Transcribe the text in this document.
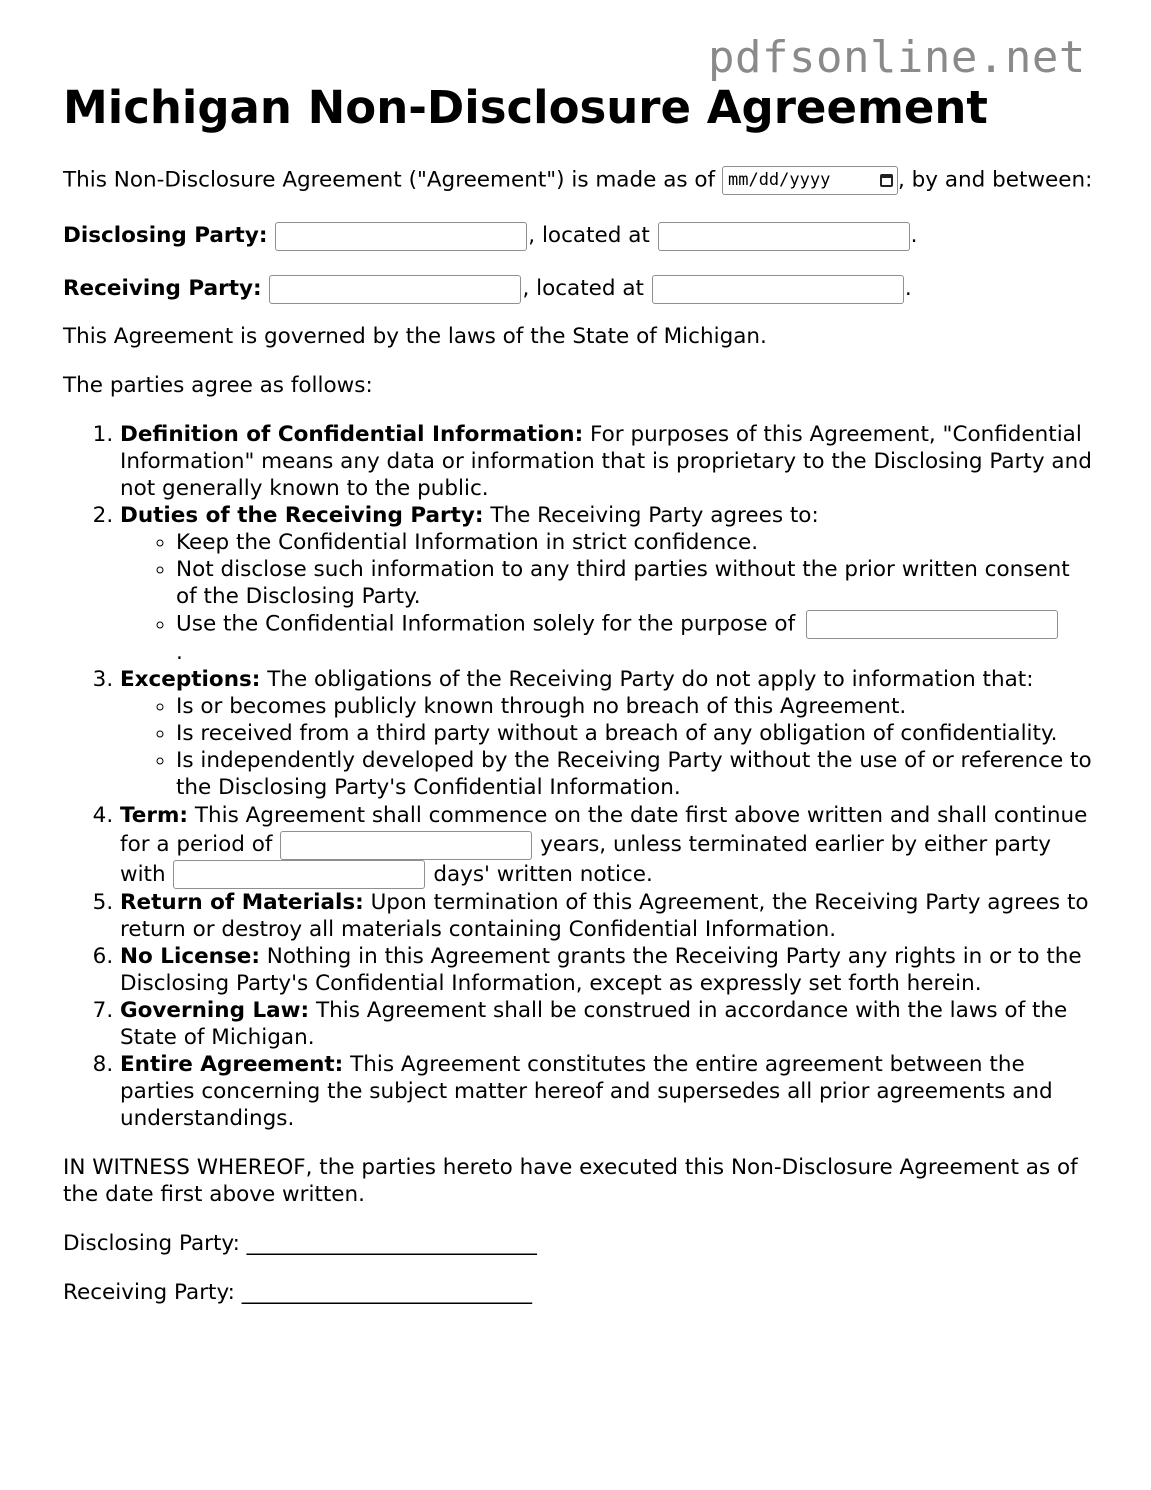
pdfsonline.net
Michigan Non-Disclosure Agreement

This Non-Disclosure Agreement ("Agreement") is made as of mm/dd/yyyy	, by and between:

Disclosing Party:	, located at	.
Receiving Party:	, located at	.

This Agreement is governed by the laws of the State of Michigan.

The parties agree as follows:

1. Definition of Confidential Information: For purposes of this Agreement, "Confidential Information" means any data or information that is proprietary to the Disclosing Party and not generally known to the public.
2. Duties of the Receiving Party: The Receiving Party agrees to:
◦ Keep the Confidential Information in strict confidence.
◦ Not disclose such information to any third parties without the prior written consent of the Disclosing Party.
◦ Use the Confidential Information solely for the purpose of
.
3. Exceptions: The obligations of the Receiving Party do not apply to information that:
◦ Is or becomes publicly known through no breach of this Agreement.
◦ Is received from a third party without a breach of any obligation of confidentiality.
◦ Is independently developed by the Receiving Party without the use of or reference to the Disclosing Party's Confidential Information.
4. Term: This Agreement shall commence on the date first above written and shall continue for a period of	years, unless terminated earlier by either party with	days' written notice.
5. Return of Materials: Upon termination of this Agreement, the Receiving Party agrees to return or destroy all materials containing Confidential Information.
6. No License: Nothing in this Agreement grants the Receiving Party any rights in or to the Disclosing Party's Confidential Information, except as expressly set forth herein.
7. Governing Law: This Agreement shall be construed in accordance with the laws of the State of Michigan.
8. Entire Agreement: This Agreement constitutes the entire agreement between the parties concerning the subject matter hereof and supersedes all prior agreements and understandings.

IN WITNESS WHEREOF, the parties hereto have executed this Non-Disclosure Agreement as of the date first above written.

Disclosing Party: ___________________________

Receiving Party: ___________________________
